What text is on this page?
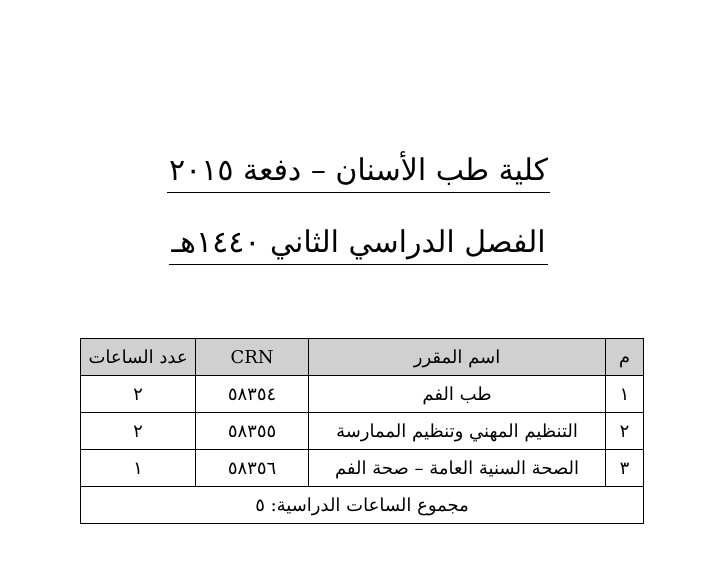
كلية طب الأسنان – دفعة ٢٠١٥
الفصل الدراسي الثاني ١٤٤٠هـ
م	اسم المقرر	CRN	عدد الساعات
١	طب الفم	٥٨٣٥٤	٢
٢	التنظيم المهني وتنظيم الممارسة	٥٨٣٥٥	٢
٣	الصحة السنية العامة – صحة الفم	٥٨٣٥٦	١
مجموع الساعات الدراسية: ٥			
